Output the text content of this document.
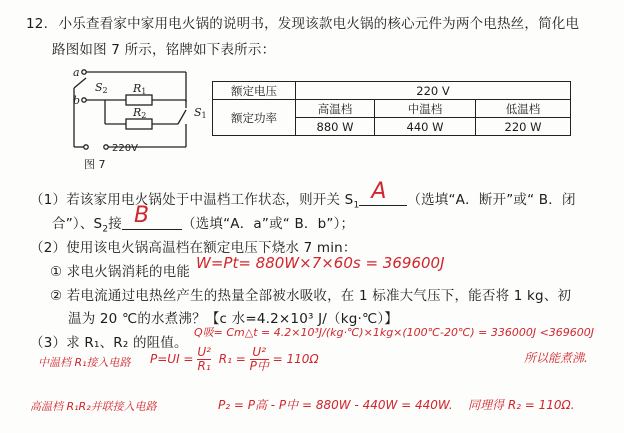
12. 小乐查看家中家用电火锅的说明书，发现该款电火锅的核心元件为两个电热丝，简化电
路图如图 7 所示，铭牌如下表所示：
a
b
S2 R1
R2	S1
220V
图 7
额定电压	220 V		
额定功率	高温档	中温档	低温档
	880 W	440 W	220 W
（1）若该家用电火锅处于中温档工作状态，则开关 $S_1$
A （选填“A．断开”或“ B．闭
合”）、$S_2$接 B （选填“A．a”或“ B．b”）；
（2）使用该电火锅高温档在额定电压下烧水 7 min：
① 求电火锅消耗的电能 W=Pt= 880W×7×60s = 369600J
② 若电流通过电热丝产生的热量全部被水吸收，在 1 标准大气压下，能否将 1 kg、初
温为 20 ℃的水煮沸？【c 水=4.2×10³ J/（kg·℃）】
（3）求 R₁、R₂ 的阻值。
Q吸= Cm△t = 4.2×10³J/(kg·℃)×1kg×(100℃-20℃) = 336000J <369600J
所以能煮沸.
中温档 R₁接入电路 $P=UI = \frac{\text{U²}}{\text{R₁}} R_1 = U^2$
P中 = 110Ω
高温档 R₁R₂并联接入电路	P₂ = P高 - P中 = 880W - 440W = 440W. 同理得 R₂ = 110Ω.
